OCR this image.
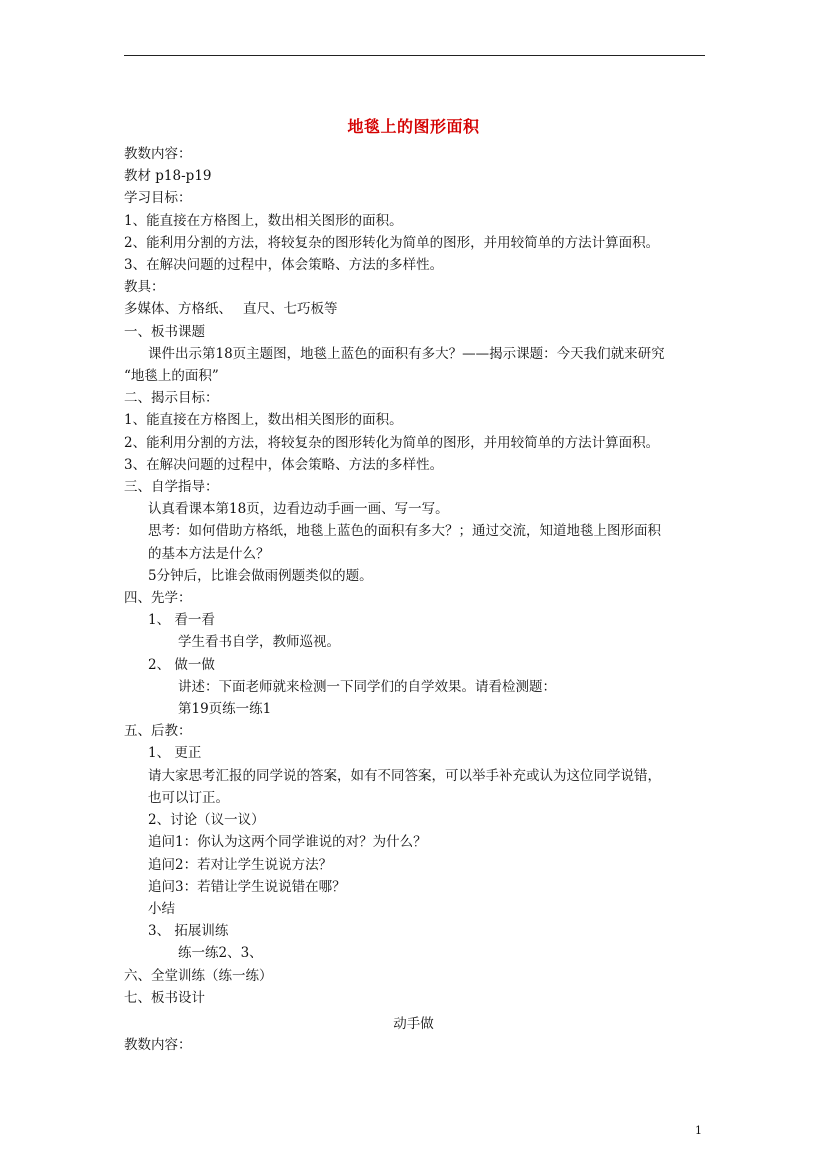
地毯上的图形面积
教数内容：
教材 p18-p19
学习目标：
1、能直接在方格图上，数出相关图形的面积。
2、能利用分割的方法，将较复杂的图形转化为简单的图形，并用较简单的方法计算面积。
3、在解决问题的过程中，体会策略、方法的多样性。
教具：
多媒体、方格纸、　 直尺、七巧板等
一、板书课题
课件出示第18页主题图，地毯上蓝色的面积有多大？——揭示课题：今天我们就来研究
“地毯上的面积”
二、揭示目标：
1、能直接在方格图上，数出相关图形的面积。
2、能利用分割的方法，将较复杂的图形转化为简单的图形，并用较简单的方法计算面积。
3、在解决问题的过程中，体会策略、方法的多样性。
三、自学指导：
认真看课本第18页，边看边动手画一画、写一写。
思考：如何借助方格纸，地毯上蓝色的面积有多大？；通过交流，知道地毯上图形面积
的基本方法是什么？
5分钟后，比谁会做雨例题类似的题。
四、先学：
1、 看一看
学生看书自学，教师巡视。
2、 做一做
讲述：下面老师就来检测一下同学们的自学效果。请看检测题：
第19页练一练1
五、后教：
1、 更正
请大家思考汇报的同学说的答案，如有不同答案，可以举手补充或认为这位同学说错，
也可以订正。
2、讨论（议一议）
追问1：你认为这两个同学谁说的对？为什么？
追问2：若对让学生说说方法？
追问3：若错让学生说说错在哪？
小结
3、 拓展训练
练一练2、3、
六、全堂训练（练一练）
七、板书设计
动手做
教数内容：
1
